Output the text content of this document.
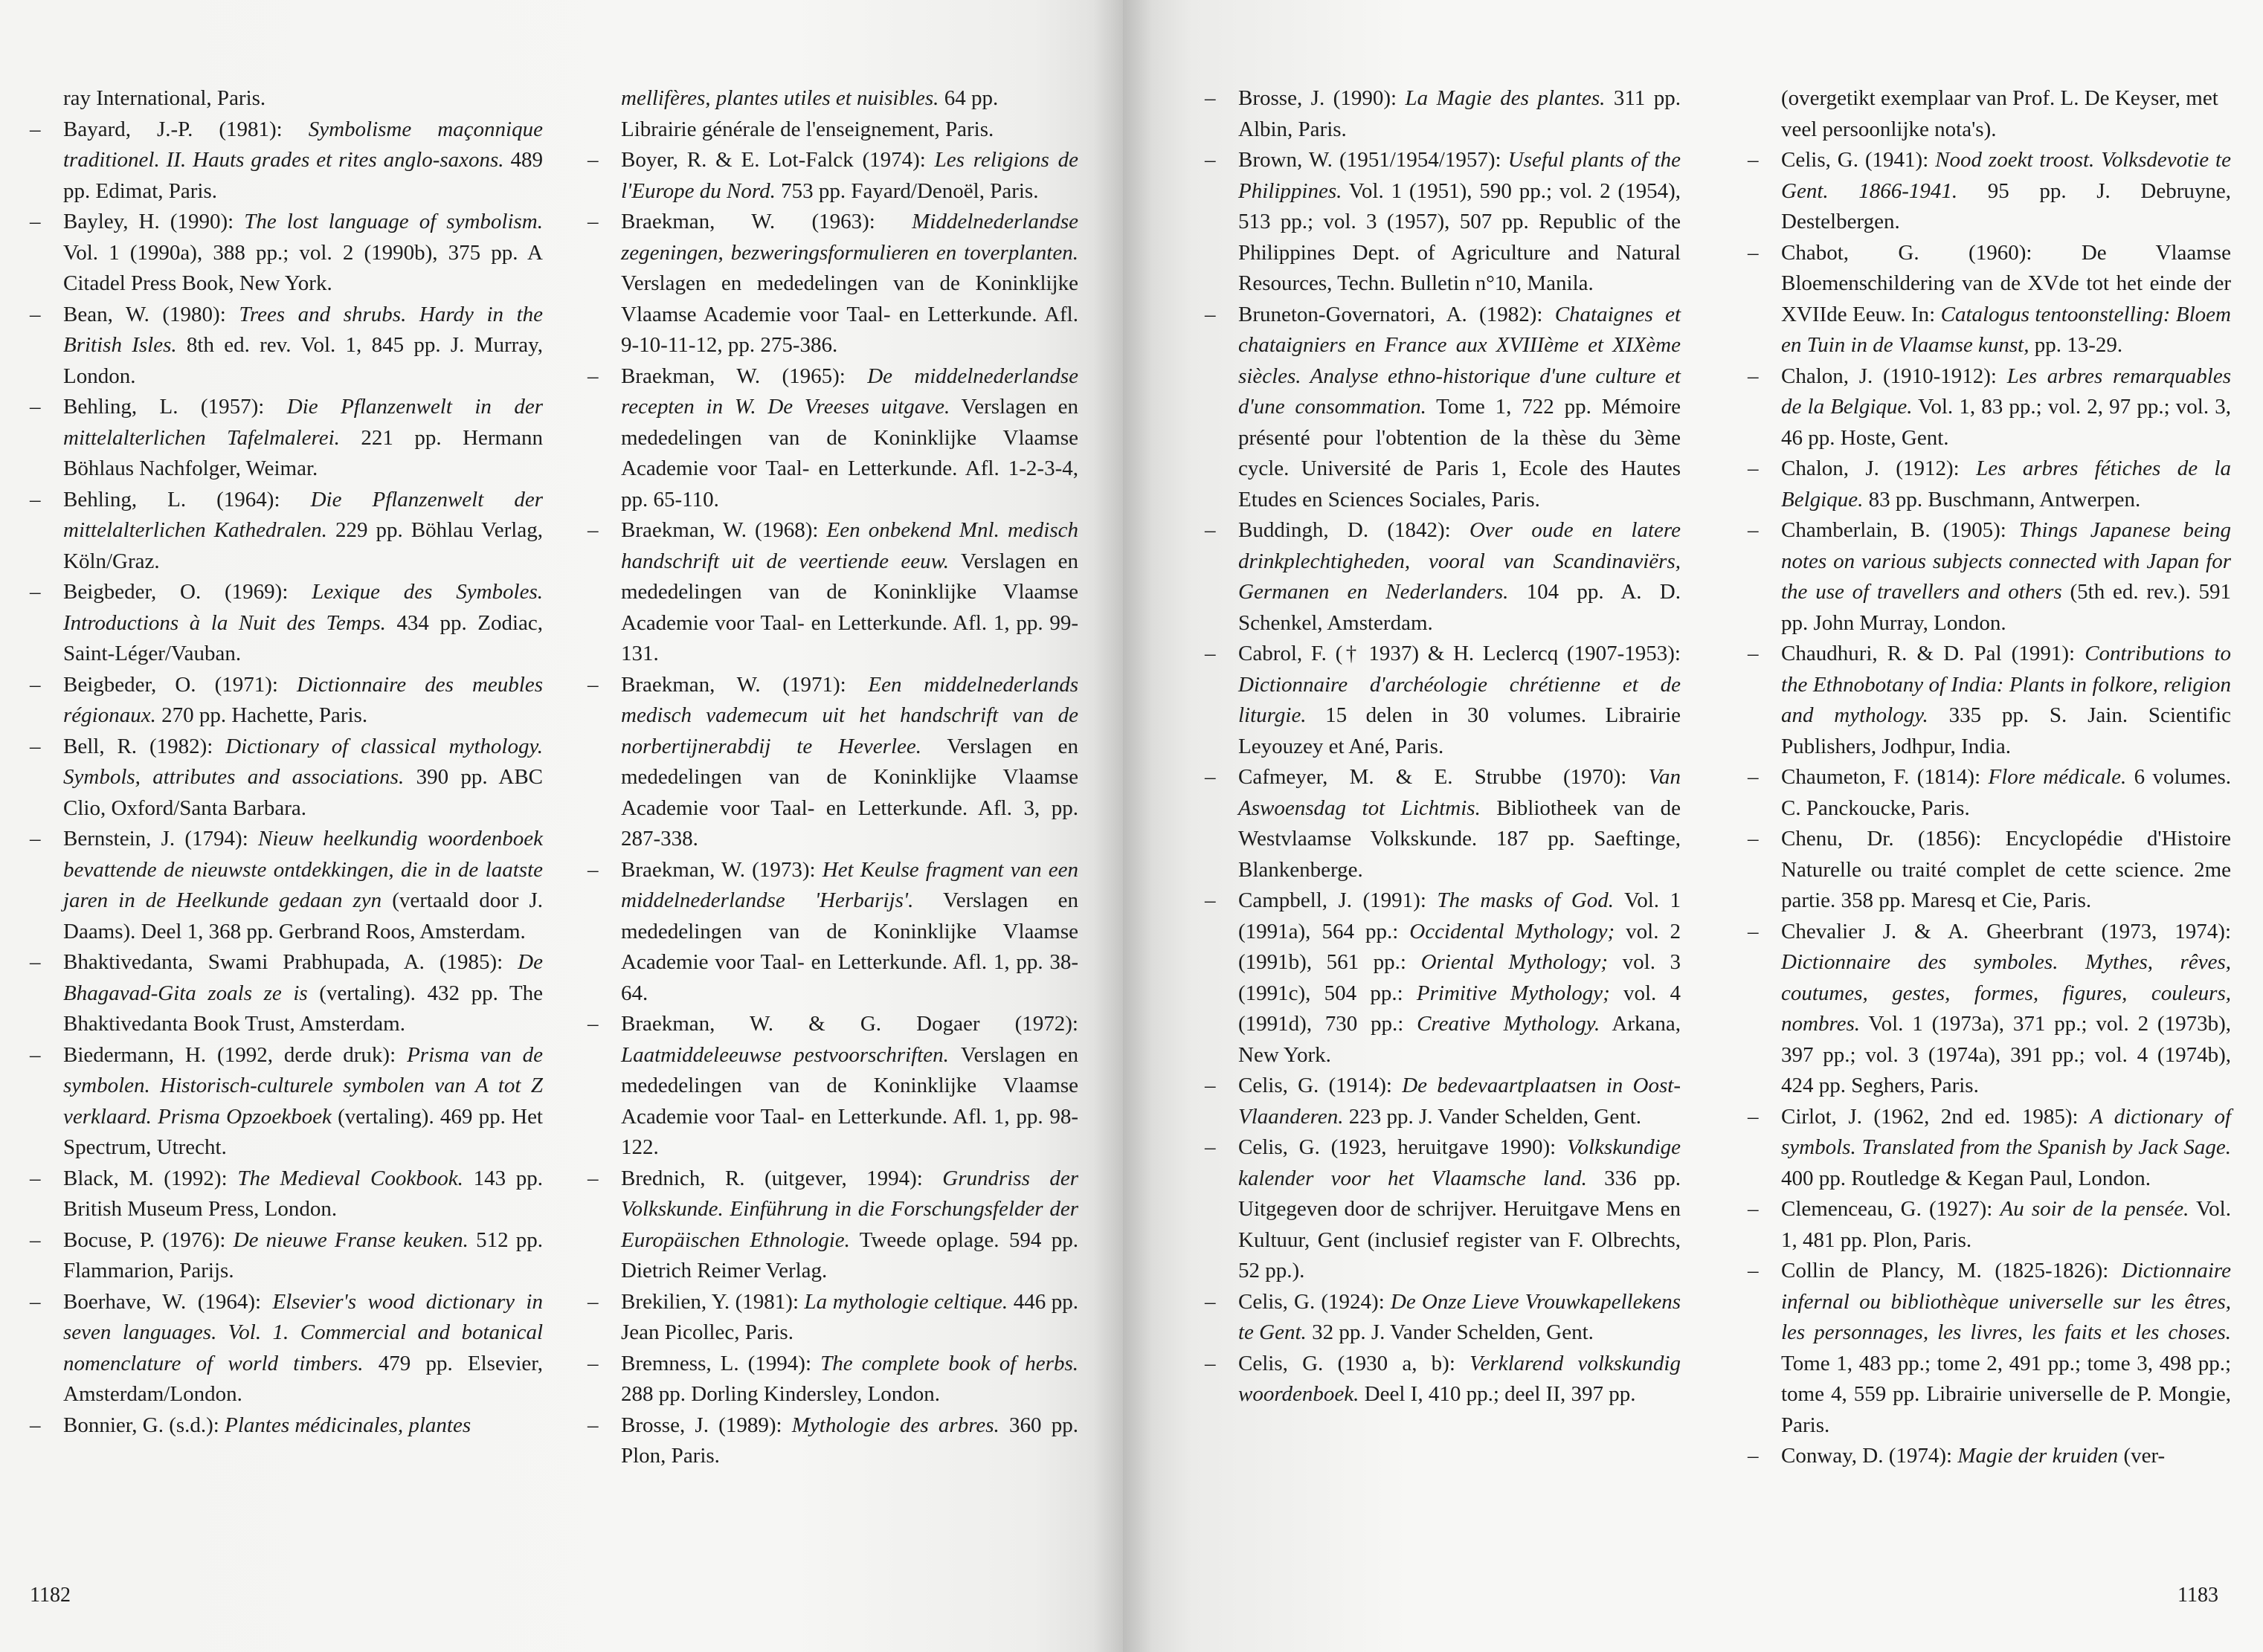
ray International, Paris.
– Bayard, J.-P. (1981): Symbolisme maçonnique traditionel. II. Hauts grades et rites anglo-saxons. 489 pp. Edimat, Paris.
– Bayley, H. (1990): The lost language of symbolism. Vol. 1 (1990a), 388 pp.; vol. 2 (1990b), 375 pp. A Citadel Press Book, New York.
– Bean, W. (1980): Trees and shrubs. Hardy in the British Isles. 8th ed. rev. Vol. 1, 845 pp. J. Murray, London.
– Behling, L. (1957): Die Pflanzenwelt in der mittelalterlichen Tafelmalerei. 221 pp. Hermann Böhlaus Nachfolger, Weimar.
– Behling, L. (1964): Die Pflanzenwelt der mittelalterlichen Kathedralen. 229 pp. Böhlau Verlag, Köln/Graz.
– Beigbeder, O. (1969): Lexique des Symboles. Introductions à la Nuit des Temps. 434 pp. Zodiac, Saint-Léger/Vauban.
– Beigbeder, O. (1971): Dictionnaire des meubles régionaux. 270 pp. Hachette, Paris.
– Bell, R. (1982): Dictionary of classical mythology. Symbols, attributes and associations. 390 pp. ABC Clio, Oxford/Santa Barbara.
– Bernstein, J. (1794): Nieuw heelkundig woordenboek bevattende de nieuwste ontdekkingen, die in de laatste jaren in de Heelkunde gedaan zyn (vertaald door J. Daams). Deel 1, 368 pp. Gerbrand Roos, Amsterdam.
– Bhaktivedanta, Swami Prabhupada, A. (1985): De Bhagavad-Gita zoals ze is (vertaling). 432 pp. The Bhaktivedanta Book Trust, Amsterdam.
– Biedermann, H. (1992, derde druk): Prisma van de symbolen. Historisch-culturele symbolen van A tot Z verklaard. Prisma Opzoekboek (vertaling). 469 pp. Het Spectrum, Utrecht.
– Black, M. (1992): The Medieval Cookbook. 143 pp. British Museum Press, London.
– Bocuse, P. (1976): De nieuwe Franse keuken. 512 pp. Flammarion, Parijs.
– Boerhave, W. (1964): Elsevier's wood dictionary in seven languages. Vol. 1. Commercial and botanical nomenclature of world timbers. 479 pp. Elsevier, Amsterdam/London.
– Bonnier, G. (s.d.): Plantes médicinales, plantes
mellifères, plantes utiles et nuisibles. 64 pp. Librairie générale de l'enseignement, Paris.
– Boyer, R. & E. Lot-Falck (1974): Les religions de l'Europe du Nord. 753 pp. Fayard/Denoël, Paris.
– Braekman, W. (1963): Middelnederlandse zegeningen, bezweringsformulieren en toverplanten. Verslagen en mededelingen van de Koninklijke Vlaamse Academie voor Taal- en Letterkunde. Afl. 9-10-11-12, pp. 275-386.
– Braekman, W. (1965): De middelnederlandse recepten in W. De Vreeses uitgave. Verslagen en mededelingen van de Koninklijke Vlaamse Academie voor Taal- en Letterkunde. Afl. 1-2-3-4, pp. 65-110.
– Braekman, W. (1968): Een onbekend Mnl. medisch handschrift uit de veertiende eeuw. Verslagen en mededelingen van de Koninklijke Vlaamse Academie voor Taal- en Letterkunde. Afl. 1, pp. 99-131.
– Braekman, W. (1971): Een middelnederlands medisch vademecum uit het handschrift van de norbertijnerabdij te Heverlee. Verslagen en mededelingen van de Koninklijke Vlaamse Academie voor Taal- en Letterkunde. Afl. 3, pp. 287-338.
– Braekman, W. (1973): Het Keulse fragment van een middelnederlandse 'Herbarijs'. Verslagen en mededelingen van de Koninklijke Vlaamse Academie voor Taal- en Letterkunde. Afl. 1, pp. 38-64.
– Braekman, W. & G. Dogaer (1972): Laatmiddeleeuwse pestvoorschriften. Verslagen en mededelingen van de Koninklijke Vlaamse Academie voor Taal- en Letterkunde. Afl. 1, pp. 98-122.
– Brednich, R. (uitgever, 1994): Grundriss der Volkskunde. Einführung in die Forschungsfelder der Europäischen Ethnologie. Tweede oplage. 594 pp. Dietrich Reimer Verlag.
– Brekilien, Y. (1981): La mythologie celtique. 446 pp. Jean Picollec, Paris.
– Bremness, L. (1994): The complete book of herbs. 288 pp. Dorling Kindersley, London.
– Brosse, J. (1989): Mythologie des arbres. 360 pp. Plon, Paris.
1182
– Brosse, J. (1990): La Magie des plantes. 311 pp. Albin, Paris.
– Brown, W. (1951/1954/1957): Useful plants of the Philippines. Vol. 1 (1951), 590 pp.; vol. 2 (1954), 513 pp.; vol. 3 (1957), 507 pp. Republic of the Philippines Dept. of Agriculture and Natural Resources, Techn. Bulletin n°10, Manila.
– Bruneton-Governatori, A. (1982): Chataignes et chataigniers en France aux XVIIIème et XIXème siècles. Analyse ethno-historique d'une culture et d'une consommation. Tome 1, 722 pp. Mémoire présenté pour l'obtention de la thèse du 3ème cycle. Université de Paris 1, Ecole des Hautes Etudes en Sciences Sociales, Paris.
– Buddingh, D. (1842): Over oude en latere drinkplechtigheden, vooral van Scandinaviërs, Germanen en Nederlanders. 104 pp. A. D. Schenkel, Amsterdam.
– Cabrol, F. († 1937) & H. Leclercq (1907-1953): Dictionnaire d'archéologie chrétienne et de liturgie. 15 delen in 30 volumes. Librairie Leyouzey et Ané, Paris.
– Cafmeyer, M. & E. Strubbe (1970): Van Aswoensdag tot Lichtmis. Bibliotheek van de Westvlaamse Volkskunde. 187 pp. Saeftinge, Blankenberge.
– Campbell, J. (1991): The masks of God. Vol. 1 (1991a), 564 pp.: Occidental Mythology; vol. 2 (1991b), 561 pp.: Oriental Mythology; vol. 3 (1991c), 504 pp.: Primitive Mythology; vol. 4 (1991d), 730 pp.: Creative Mythology. Arkana, New York.
– Celis, G. (1914): De bedevaartplaatsen in Oost-Vlaanderen. 223 pp. J. Vander Schelden, Gent.
– Celis, G. (1923, heruitgave 1990): Volkskundige kalender voor het Vlaamsche land. 336 pp. Uitgegeven door de schrijver. Heruitgave Mens en Kultuur, Gent (inclusief register van F. Olbrechts, 52 pp.).
– Celis, G. (1924): De Onze Lieve Vrouwkapellekens te Gent. 32 pp. J. Vander Schelden, Gent.
– Celis, G. (1930 a, b): Verklarend volkskundig woordenboek. Deel I, 410 pp.; deel II, 397 pp.
(overgetikt exemplaar van Prof. L. De Keyser, met veel persoonlijke nota's).
– Celis, G. (1941): Nood zoekt troost. Volksdevotie te Gent. 1866-1941. 95 pp. J. Debruyne, Destelbergen.
– Chabot, G. (1960): De Vlaamse Bloemenschildering van de XVde tot het einde der XVIIde Eeuw. In: Catalogus tentoonstelling: Bloem en Tuin in de Vlaamse kunst, pp. 13-29.
– Chalon, J. (1910-1912): Les arbres remarquables de la Belgique. Vol. 1, 83 pp.; vol. 2, 97 pp.; vol. 3, 46 pp. Hoste, Gent.
– Chalon, J. (1912): Les arbres fétiches de la Belgique. 83 pp. Buschmann, Antwerpen.
– Chamberlain, B. (1905): Things Japanese being notes on various subjects connected with Japan for the use of travellers and others (5th ed. rev.). 591 pp. John Murray, London.
– Chaudhuri, R. & D. Pal (1991): Contributions to the Ethnobotany of India: Plants in folkore, religion and mythology. 335 pp. S. Jain. Scientific Publishers, Jodhpur, India.
– Chaumeton, F. (1814): Flore médicale. 6 volumes. C. Panckoucke, Paris.
– Chenu, Dr. (1856): Encyclopédie d'Histoire Naturelle ou traité complet de cette science. 2me partie. 358 pp. Maresq et Cie, Paris.
– Chevalier J. & A. Gheerbrant (1973, 1974): Dictionnaire des symboles. Mythes, rêves, coutumes, gestes, formes, figures, couleurs, nombres. Vol. 1 (1973a), 371 pp.; vol. 2 (1973b), 397 pp.; vol. 3 (1974a), 391 pp.; vol. 4 (1974b), 424 pp. Seghers, Paris.
– Cirlot, J. (1962, 2nd ed. 1985): A dictionary of symbols. Translated from the Spanish by Jack Sage. 400 pp. Routledge & Kegan Paul, London.
– Clemenceau, G. (1927): Au soir de la pensée. Vol. 1, 481 pp. Plon, Paris.
– Collin de Plancy, M. (1825-1826): Dictionnaire infernal ou bibliothèque universelle sur les êtres, les personnages, les livres, les faits et les choses. Tome 1, 483 pp.; tome 2, 491 pp.; tome 3, 498 pp.; tome 4, 559 pp. Librairie universelle de P. Mongie, Paris.
– Conway, D. (1974): Magie der kruiden (ver-
1183
